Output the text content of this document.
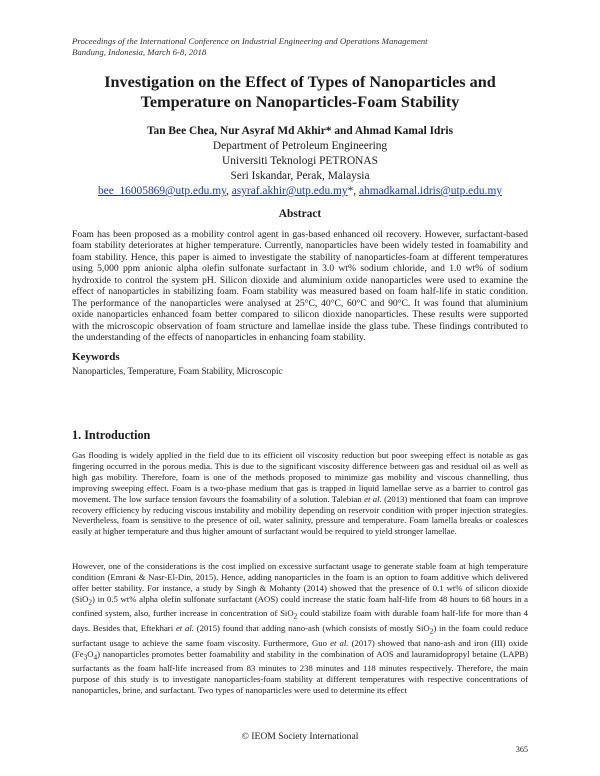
Proceedings of the International Conference on Industrial Engineering and Operations Management
Bandung, Indonesia, March 6-8, 2018
Investigation on the Effect of Types of Nanoparticles and
Temperature on Nanoparticles-Foam Stability
Tan Bee Chea, Nur Asyraf Md Akhir* and Ahmad Kamal Idris
Department of Petroleum Engineering
Universiti Teknologi PETRONAS
Seri Iskandar, Perak, Malaysia
bee_16005869@utp.edu.my, asyraf.akhir@utp.edu.my*, ahmadkamal.idris@utp.edu.my
Abstract
Foam has been proposed as a mobility control agent in gas-based enhanced oil recovery. However, surfactant-based foam stability deteriorates at higher temperature. Currently, nanoparticles have been widely tested in foamability and foam stability. Hence, this paper is aimed to investigate the stability of nanoparticles-foam at different temperatures using 5,000 ppm anionic alpha olefin sulfonate surfactant in 3.0 wt% sodium chloride, and 1.0 wt% of sodium hydroxide to control the system pH. Silicon dioxide and aluminium oxide nanoparticles were used to examine the effect of nanoparticles in stabilizing foam. Foam stability was measured based on foam half-life in static condition. The performance of the nanoparticles were analysed at 25°C, 40°C, 60°C and 90°C. It was found that aluminium oxide nanoparticles enhanced foam better compared to silicon dioxide nanoparticles. These results were supported with the microscopic observation of foam structure and lamellae inside the glass tube. These findings contributed to the understanding of the effects of nanoparticles in enhancing foam stability.
Keywords
Nanoparticles, Temperature, Foam Stability, Microscopic
1. Introduction
Gas flooding is widely applied in the field due to its efficient oil viscosity reduction but poor sweeping effect is notable as gas fingering occurred in the porous media. This is due to the significant viscosity difference between gas and residual oil as well as high gas mobility. Therefore, foam is one of the methods proposed to minimize gas mobility and viscous channelling, thus improving sweeping effect. Foam is a two-phase medium that gas is trapped in liquid lamellae serve as a barrier to control gas movement. The low surface tension favours the foamability of a solution. Talebian et al. (2013) mentioned that foam can improve recovery efficiency by reducing viscous instability and mobility depending on reservoir condition with proper injection strategies. Nevertheless, foam is sensitive to the presence of oil, water salinity, pressure and temperature. Foam lamella breaks or coalesces easily at higher temperature and thus higher amount of surfactant would be required to yield stronger lamellae.
However, one of the considerations is the cost implied on excessive surfactant usage to generate stable foam at high temperature condition (Emrani & Nasr-El-Din, 2015). Hence, adding nanoparticles in the foam is an option to foam additive which delivered offer better stability. For instance, a study by Singh & Mohanty (2014) showed that the presence of 0.1 wt% of silicon dioxide (SiO$_2$) in 0.5 wt% alpha olefin sulfonate surfactant (AOS) could increase the static foam half-life from 48 hours to 68 hours in a confined system, also, further increase in concentration of SiO$_2$ could stabilize foam with durable foam half-life for more than 4 days. Besides that, Eftekhari et al. (2015) found that adding nano-ash (which consists of mostly SiO$_2$) in the foam could reduce surfactant usage to achieve the same foam viscosity. Furthermore, Guo et al. (2017) showed that nano-ash and iron (III) oxide $(Fe_3O_4)$ nanoparticles promotes better foamability and stability in the combination of AOS and lauramidopropyl betaine (LAPB) surfactants as the foam half-life increased from 83 minutes to 238 minutes and 118 minutes respectively. Therefore, the main purpose of this study is to investigate nanoparticles-foam stability at different temperatures with respective concentrations of nanoparticles, brine, and surfactant. Two types of nanoparticles were used to determine its effect
© IEOM Society International
365
